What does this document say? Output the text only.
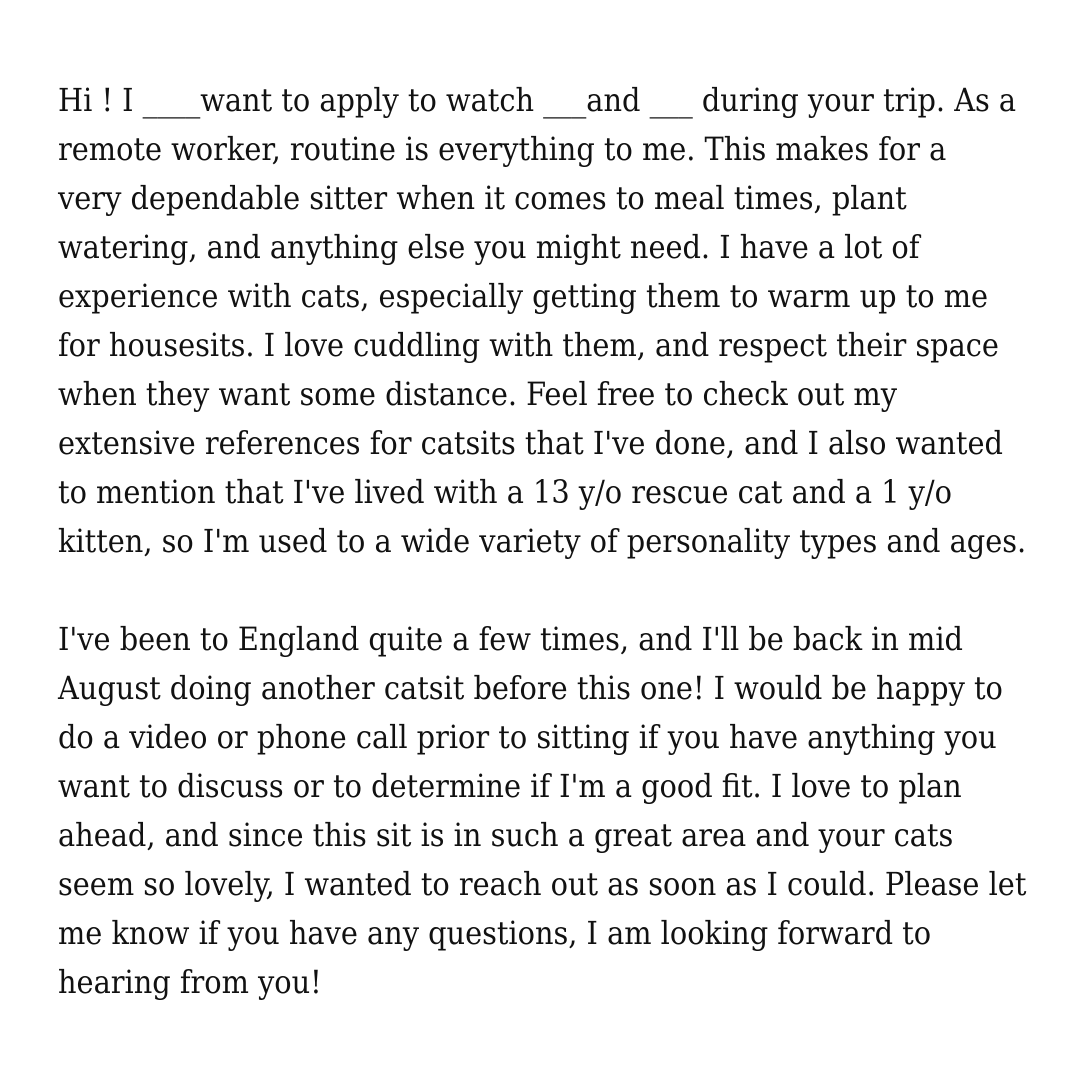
Hi ! I ____want to apply to watch ___and ___ during your trip. As a
remote worker, routine is everything to me. This makes for a
very dependable sitter when it comes to meal times, plant
watering, and anything else you might need. I have a lot of
experience with cats, especially getting them to warm up to me
for housesits. I love cuddling with them, and respect their space
when they want some distance. Feel free to check out my
extensive references for catsits that I've done, and I also wanted
to mention that I've lived with a 13 y/o rescue cat and a 1 y/o
kitten, so I'm used to a wide variety of personality types and ages.

I've been to England quite a few times, and I'll be back in mid
August doing another catsit before this one! I would be happy to
do a video or phone call prior to sitting if you have anything you
want to discuss or to determine if I'm a good fit. I love to plan
ahead, and since this sit is in such a great area and your cats
seem so lovely, I wanted to reach out as soon as I could. Please let
me know if you have any questions, I am looking forward to
hearing from you!
